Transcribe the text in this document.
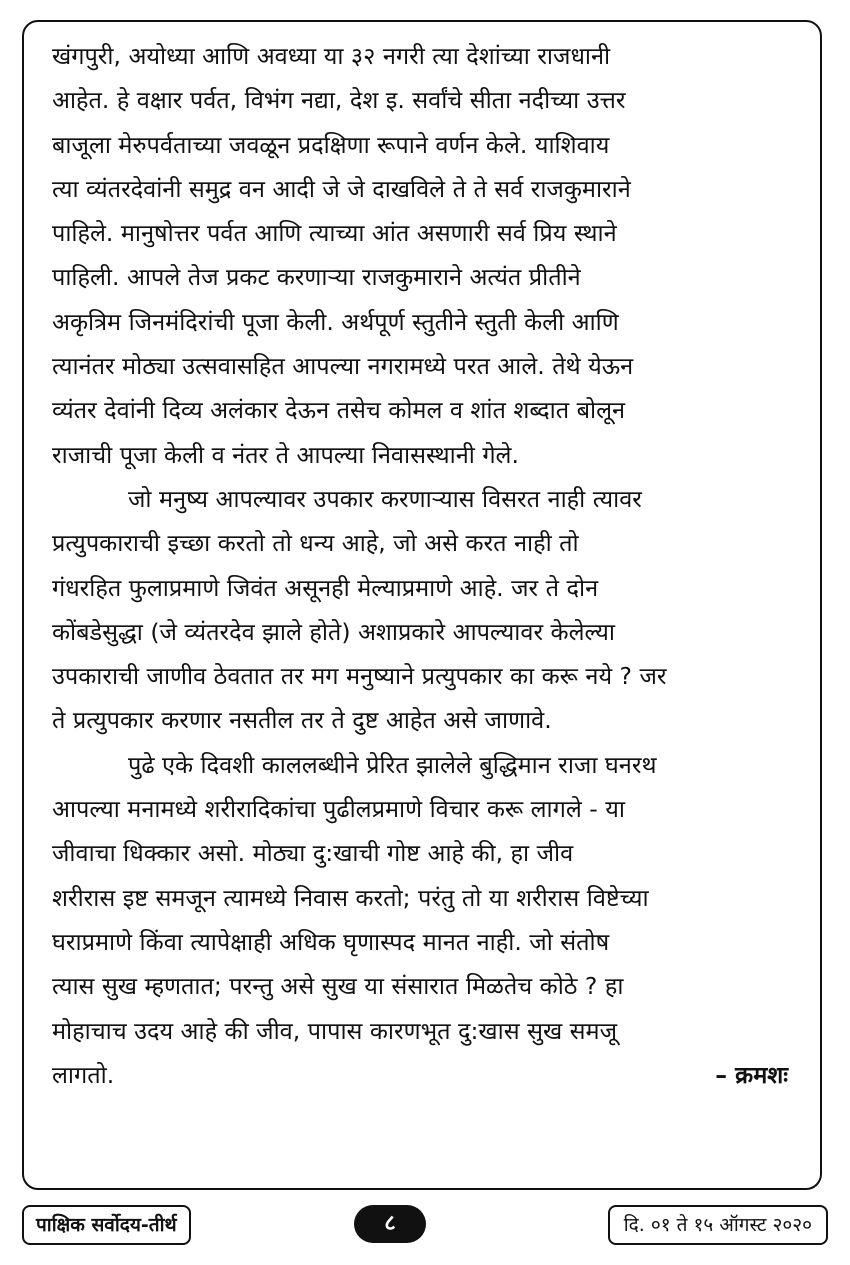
खंगपुरी, अयोध्या आणि अवध्या या ३२ नगरी त्या देशांच्या राजधानी
आहेत. हे वक्षार पर्वत, विभंग नद्या, देश इ. सर्वांचे सीता नदीच्या उत्तर
बाजूला मेरुपर्वताच्या जवळून प्रदक्षिणा रूपाने वर्णन केले. याशिवाय
त्या व्यंतरदेवांनी समुद्र वन आदी जे जे दाखविले ते ते सर्व राजकुमाराने
पाहिले. मानुषोत्तर पर्वत आणि त्याच्या आंत असणारी सर्व प्रिय स्थाने
पाहिली. आपले तेज प्रकट करणाऱ्या राजकुमाराने अत्यंत प्रीतीने
अकृत्रिम जिनमंदिरांची पूजा केली. अर्थपूर्ण स्तुतीने स्तुती केली आणि
त्यानंतर मोठ्या उत्सवासहित आपल्या नगरामध्ये परत आले. तेथे येऊन
व्यंतर देवांनी दिव्य अलंकार देऊन तसेच कोमल व शांत शब्दात बोलून
राजाची पूजा केली व नंतर ते आपल्या निवासस्थानी गेले.
जो मनुष्य आपल्यावर उपकार करणाऱ्यास विसरत नाही त्यावर
प्रत्युपकाराची इच्छा करतो तो धन्य आहे, जो असे करत नाही तो
गंधरहित फुलाप्रमाणे जिवंत असूनही मेल्याप्रमाणे आहे. जर ते दोन
कोंबडेसुद्धा (जे व्यंतरदेव झाले होते) अशाप्रकारे आपल्यावर केलेल्या
उपकाराची जाणीव ठेवतात तर मग मनुष्याने प्रत्युपकार का करू नये ? जर
ते प्रत्युपकार करणार नसतील तर ते दुष्ट आहेत असे जाणावे.
पुढे एके दिवशी काललब्धीने प्रेरित झालेले बुद्धिमान राजा घनरथ
आपल्या मनामध्ये शरीरादिकांचा पुढीलप्रमाणे विचार करू लागले - या
जीवाचा धिक्कार असो. मोठ्या दु:खाची गोष्ट आहे की, हा जीव
शरीरास इष्ट समजून त्यामध्ये निवास करतो; परंतु तो या शरीरास विष्टेच्या
घराप्रमाणे किंवा त्यापेक्षाही अधिक घृणास्पद मानत नाही. जो संतोष
त्यास सुख म्हणतात; परन्तु असे सुख या संसारात मिळतेच कोठे ? हा
मोहाचाच उदय आहे की जीव, पापास कारणभूत दु:खास सुख समजू
लागतो.	– क्रमशः
पाक्षिक सर्वोदय-तीर्थ	८	दि. ०१ ते १५ ऑगस्ट २०२०
